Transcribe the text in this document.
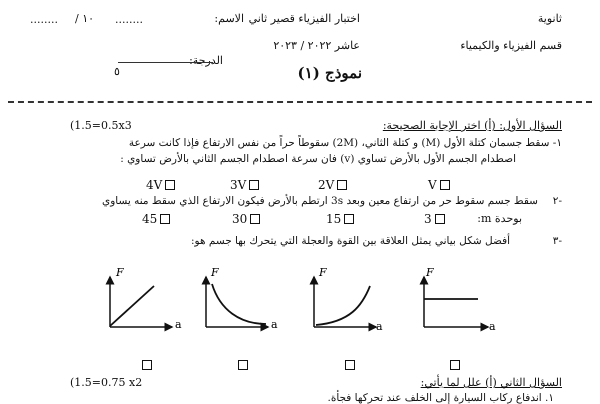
ثانوية
اختبار الفيزياء قصير ثاني
الاسم:
١٠ /
........	........
قسم الفيزياء والكيمياء
عاشر ٢٠٢٢ / ٢٠٢٣
الدرجة:
٥	نموذج (١)
السؤال الأول: (أ) اختر الإجابة الصحيحة:
(1.5=0.5x3
١- سقط جسمان كتلة الأول (M) و كتلة الثاني، (2M) سقوطاً حراً من نفس الارتفاع فإذا كانت سرعة
اصطدام الجسم الأول بالأرض تساوي (v) فان سرعة اصطدام الجسم الثاني بالأرض تساوي :
V
2V
3V
4V
٢-
سقط جسم سقوط حر من ارتفاع معين وبعد 3s ارتطم بالأرض فيكون الارتفاع الذي سقط منه يساوي
بوحدة m:
3
15
30
45
٣-
أفضل شكل بياني يمثل العلاقة بين القوة والعجلة التي يتحرك بها جسم هو:
F
a
F
a
F
a
F
a
السؤال الثاني (أ) علل لما يأتي:
(1.5=0.75 x2
١. اندفاع ركاب السيارة إلى الخلف عند تحركها فجأة.
